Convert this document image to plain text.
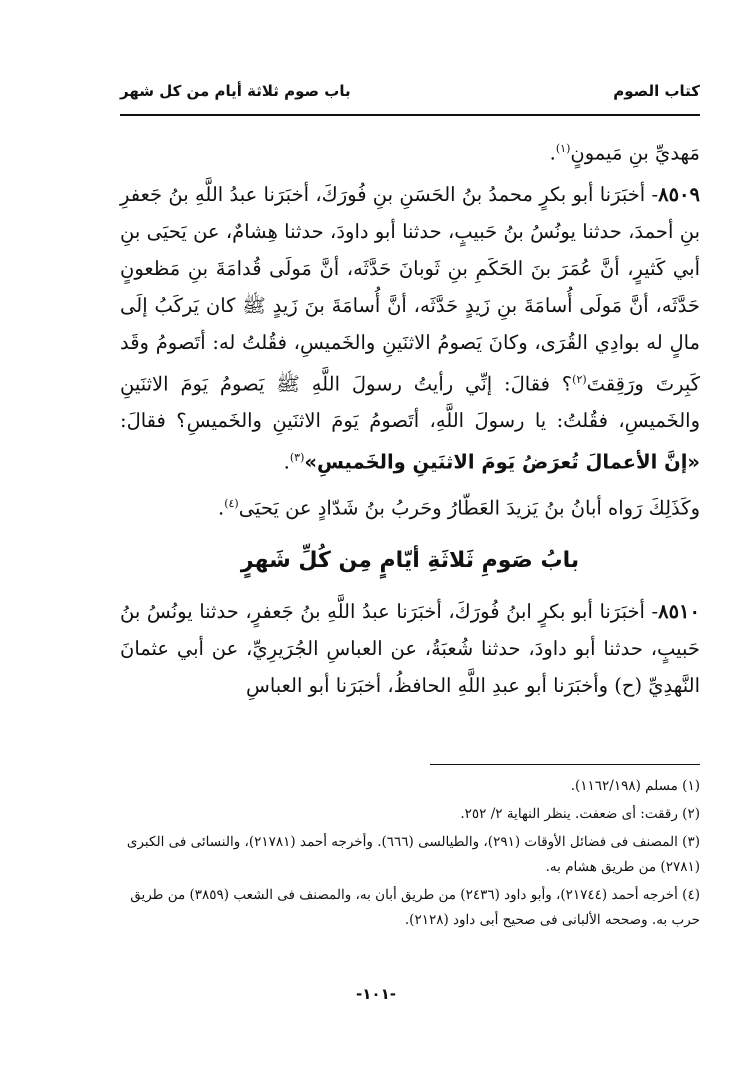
كتاب الصوم
باب صوم ثلاثة أيام من كل شهر

مَهديِّ بنِ مَيمونٍ$^{(١)}$.

٨٥٠٩- أخبَرَنا أبو بكرٍ محمدُ بنُ الحَسَنِ بنِ فُورَكَ، أخبَرَنا عبدُ اللَّهِ بنُ جَعفرِ بنِ أحمدَ، حدثنا يونُسُ بنُ حَبيبٍ، حدثنا أبو داودَ، حدثنا هِشامٌ، عن يَحيَى بنِ أبي كَثيرٍ، أنَّ عُمَرَ بنَ الحَكَمِ بنِ ثَوبانَ حَدَّثَه، أنَّ مَولَى قُدامَةَ بنِ مَظعونٍ حَدَّثَه، أنَّ مَولَى أُسامَةَ بنِ زَيدٍ حَدَّثَه، أنَّ أُسامَةَ بنَ زَيدٍ ﷺ كان يَركَبُ إلَى مالٍ له بوادِي القُرَى، وكانَ يَصومُ الاثنَينِ والخَميسِ، فقُلتُ له: أتَصومُ وقَد كَبِرتَ ورَقِقتَ$^{(٢)}$؟ فقالَ: إنِّي رأيتُ رسولَ اللَّهِ ﷺ يَصومُ يَومَ الاثنَينِ والخَميسِ، فقُلتُ: يا رسولَ اللَّهِ، أتَصومُ يَومَ الاثنَينِ والخَميسِ؟ فقالَ: «إنَّ الأعمالَ تُعرَضُ يَومَ الاثنَينِ والخَميسِ»$^{(٣)}$.

وكَذَلِكَ رَواه أبانُ بنُ يَزيدَ العَطّارُ وحَربُ بنُ شَدّادٍ عن يَحيَى$^{(٤)}$.

بابُ صَومِ ثَلاثَةِ أيّامٍ مِن كُلِّ شَهرٍ

٨٥١٠- أخبَرَنا أبو بكرٍ ابنُ فُورَكَ، أخبَرَنا عبدُ اللَّهِ بنُ جَعفرٍ، حدثنا يونُسُ بنُ حَبيبٍ، حدثنا أبو داودَ، حدثنا شُعبَةُ، عن العباسِ الجُرَيرِيِّ، عن أبي عثمانَ النَّهدِيِّ (ح) وأخبَرَنا أبو عبدِ اللَّهِ الحافظُ، أخبَرَنا أبو العباسِ

(١) مسلم (١١٦٢/١٩٨).

(٢) رققت: أى ضعفت. ينظر النهاية ٢/ ٢٥٢.

(٣) المصنف فى فضائل الأوقات (٢٩١)، والطيالسى (٦٦٦). وأخرجه أحمد (٢١٧٨١)، والنسائى فى الكبرى (٢٧٨١) من طريق هشام به.

(٤) أخرجه أحمد (٢١٧٤٤)، وأبو داود (٢٤٣٦) من طريق أبان به، والمصنف فى الشعب (٣٨٥٩) من طريق حرب به. وصححه الألبانى فى صحيح أبى داود (٢١٢٨).

-١٠١-
